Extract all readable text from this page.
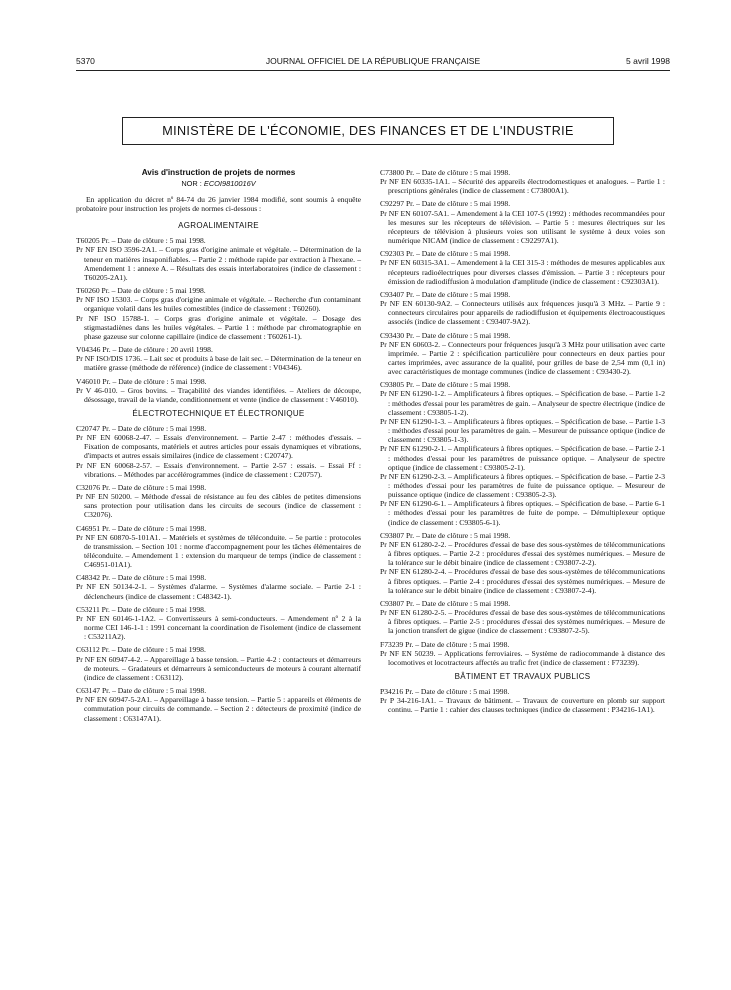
5370	JOURNAL OFFICIEL DE LA RÉPUBLIQUE FRANÇAISE	5 avril 1998
MINISTÈRE DE L'ÉCONOMIE, DES FINANCES ET DE L'INDUSTRIE
Avis d'instruction de projets de normes
NOR : ECOI9810016V

En application du décret nº 84-74 du 26 janvier 1984 modifié, sont soumis à enquête probatoire pour instruction les projets de normes ci-dessous :

AGROALIMENTAIRE

T60205 Pr. – Date de clôture : 5 mai 1998.

Pr NF EN ISO 3596-2A1. – Corps gras d'origine animale et végétale. – Détermination de la teneur en matières insaponifiables. – Partie 2 : méthode rapide par extraction à l'hexane. – Amendement 1 : annexe A. – Résultats des essais interlaboratoires (indice de classement : T60205-2A1).

T60260 Pr. – Date de clôture : 5 mai 1998.

Pr NF ISO 15303. – Corps gras d'origine animale et végétale. – Recherche d'un contaminant organique volatil dans les huiles comestibles (indice de classement : T60260).

Pr NF ISO 15788-1. – Corps gras d'origine animale et végétale. – Dosage des stigmastadiènes dans les huiles végétales. – Partie 1 : méthode par chromatographie en phase gazeuse sur colonne capillaire (indice de classement : T60261-1).

V04346 Pr. – Date de clôture : 20 avril 1998.

Pr NF ISO/DIS 1736. – Lait sec et produits à base de lait sec. – Détermination de la teneur en matière grasse (méthode de référence) (indice de classement : V04346).

V46010 Pr. – Date de clôture : 5 mai 1998.

Pr V 46-010. – Gros bovins. – Traçabilité des viandes identifiées. – Ateliers de découpe, désossage, travail de la viande, conditionnement et vente (indice de classement : V46010).

ÉLECTROTECHNIQUE ET ÉLECTRONIQUE

C20747 Pr. – Date de clôture : 5 mai 1998.

Pr NF EN 60068-2-47. – Essais d'environnement. – Partie 2-47 : méthodes d'essais. – Fixation de composants, matériels et autres articles pour essais dynamiques et vibrations, d'impacts et autres essais similaires (indice de classement : C20747).

Pr NF EN 60068-2-57. – Essais d'environnement. – Partie 2-57 : essais. – Essai Ff : vibrations. – Méthodes par accélérogrammes (indice de classement : C20757).

C32076 Pr. – Date de clôture : 5 mai 1998.

Pr NF EN 50200. – Méthode d'essai de résistance au feu des câbles de petites dimensions sans protection pour utilisation dans les circuits de secours (indice de classement : C32076).

C46951 Pr. – Date de clôture : 5 mai 1998.

Pr NF EN 60870-5-101A1. – Matériels et systèmes de téléconduite. – 5e partie : protocoles de transmission. – Section 101 : norme d'accompagnement pour les tâches élémentaires de téléconduite. – Amendement 1 : extension du marqueur de temps (indice de classement : C46951-01A1).

C48342 Pr. – Date de clôture : 5 mai 1998.

Pr NF EN 50134-2-1. – Systèmes d'alarme. – Systèmes d'alarme sociale. – Partie 2-1 : déclencheurs (indice de classement : C48342-1).

C53211 Pr. – Date de clôture : 5 mai 1998.

Pr NF EN 60146-1-1A2. – Convertisseurs à semi-conducteurs. – Amendement nº 2 à la norme CEI 146-1-1 : 1991 concernant la coordination de l'isolement (indice de classement : C53211A2).

C63112 Pr. – Date de clôture : 5 mai 1998.

Pr NF EN 60947-4-2. – Appareillage à basse tension. – Partie 4-2 : contacteurs et démarreurs de moteurs. – Gradateurs et démarreurs à semiconducteurs de moteurs à courant alternatif (indice de classement : C63112).

C63147 Pr. – Date de clôture : 5 mai 1998.

Pr NF EN 60947-5-2A1. – Appareillage à basse tension. – Partie 5 : appareils et éléments de commutation pour circuits de commande. – Section 2 : détecteurs de proximité (indice de classement : C63147A1).

C73800 Pr. – Date de clôture : 5 mai 1998.

Pr NF EN 60335-1A1. – Sécurité des appareils électrodomestiques et analogues. – Partie 1 : prescriptions générales (indice de classement : C73800A1).

C92297 Pr. – Date de clôture : 5 mai 1998.

Pr NF EN 60107-5A1. – Amendement à la CEI 107-5 (1992) : méthodes recommandées pour les mesures sur les récepteurs de télévision. – Partie 5 : mesures électriques sur les récepteurs de télévision à plusieurs voies son utilisant le système à deux voies son numérique NICAM (indice de classement : C92297A1).

C92303 Pr. – Date de clôture : 5 mai 1998.

Pr NF EN 60315-3A1. – Amendement à la CEI 315-3 : méthodes de mesures applicables aux récepteurs radioélectriques pour diverses classes d'émission. – Partie 3 : récepteurs pour émission de radiodiffusion à modulation d'amplitude (indice de classement : C92303A1).

C93407 Pr. – Date de clôture : 5 mai 1998.

Pr NF EN 60130-9A2. – Connecteurs utilisés aux fréquences jusqu'à 3 MHz. – Partie 9 : connecteurs circulaires pour appareils de radiodiffusion et équipements électroacoustiques associés (indice de classement : C93407-9A2).

C93430 Pr. – Date de clôture : 5 mai 1998.

Pr NF EN 60603-2. – Connecteurs pour fréquences jusqu'à 3 MHz pour utilisation avec carte imprimée. – Partie 2 : spécification particulière pour connecteurs en deux parties pour cartes imprimées, avec assurance de la qualité, pour grilles de base de 2,54 mm (0,1 in) avec caractéristiques de montage communes (indice de classement : C93430-2).

C93805 Pr. – Date de clôture : 5 mai 1998.

Pr NF EN 61290-1-2. – Amplificateurs à fibres optiques. – Spécification de base. – Partie 1-2 : méthodes d'essai pour les paramètres de gain. – Analyseur de spectre électrique (indice de classement : C93805-1-2).

Pr NF EN 61290-1-3. – Amplificateurs à fibres optiques. – Spécification de base. – Partie 1-3 : méthodes d'essai pour les paramètres de gain. – Mesureur de puissance optique (indice de classement : C93805-1-3).

Pr NF EN 61290-2-1. – Amplificateurs à fibres optiques. – Spécification de base. – Partie 2-1 : méthodes d'essai pour les paramètres de puissance optique. – Analyseur de spectre optique (indice de classement : C93805-2-1).

Pr NF EN 61290-2-3. – Amplificateurs à fibres optiques. – Spécification de base. – Partie 2-3 : méthodes d'essai pour les paramètres de fuite de puissance optique. – Mesureur de puissance optique (indice de classement : C93805-2-3).

Pr NF EN 61290-6-1. – Amplificateurs à fibres optiques. – Spécification de base. – Partie 6-1 : méthodes d'essai pour les paramètres de fuite de pompe. – Démultiplexeur optique (indice de classement : C93805-6-1).

C93807 Pr. – Date de clôture : 5 mai 1998.

Pr NF EN 61280-2-2. – Procédures d'essai de base des sous-systèmes de télécommunications à fibres optiques. – Partie 2-2 : procédures d'essai des systèmes numériques. – Mesure de la tolérance sur le débit binaire (indice de classement : C93807-2-2).

Pr NF EN 61280-2-4. – Procédures d'essai de base des sous-systèmes de télécommunications à fibres optiques. – Partie 2-4 : procédures d'essai des systèmes numériques. – Mesure de la tolérance sur le débit binaire (indice de classement : C93807-2-4).

C93807 Pr. – Date de clôture : 5 mai 1998.

Pr NF EN 61280-2-5. – Procédures d'essai de base des sous-systèmes de télécommunications à fibres optiques. – Partie 2-5 : procédures d'essai des systèmes numériques. – Mesure de la jonction transfert de gigue (indice de classement : C93807-2-5).

F73239 Pr. – Date de clôture : 5 mai 1998.

Pr NF EN 50239. – Applications ferroviaires. – Système de radiocommande à distance des locomotives et locotracteurs affectés au trafic fret (indice de classement : F73239).

BÂTIMENT ET TRAVAUX PUBLICS

P34216 Pr. – Date de clôture : 5 mai 1998.

Pr P 34-216-1A1. – Travaux de bâtiment. – Travaux de couverture en plomb sur support continu. – Partie 1 : cahier des clauses techniques (indice de classement : P34216-1A1).
